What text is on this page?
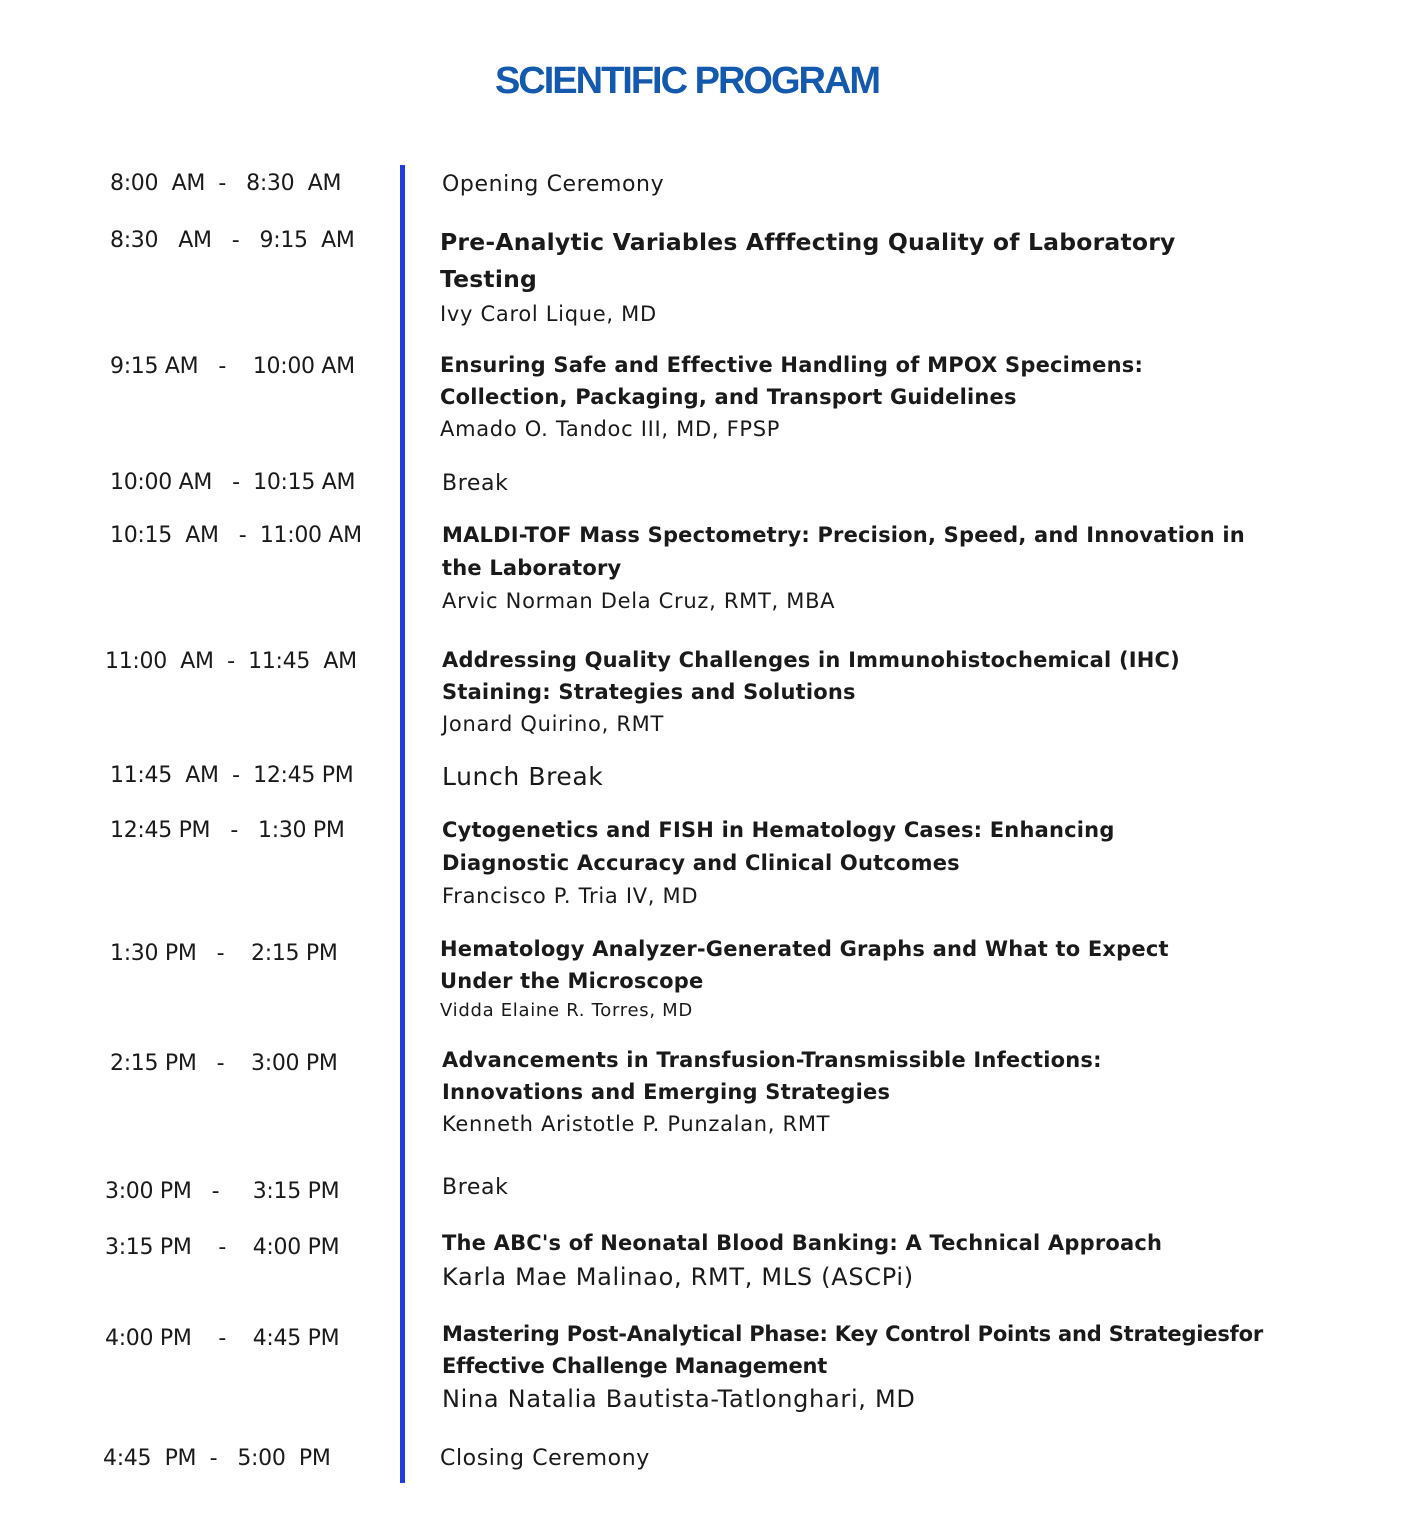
SCIENTIFIC PROGRAM
8:00  AM  -   8:30  AM	Opening Ceremony
8:30   AM   -   9:15  AM	Pre-Analytic Variables Afffecting Quality of Laboratory Testing
Ivy Carol Lique, MD
9:15 AM   -    10:00 AM	Ensuring Safe and Effective Handling of MPOX Specimens: Collection, Packaging, and Transport Guidelines
Amado O. Tandoc III, MD, FPSP
10:00 AM   -  10:15 AM	Break
10:15  AM   -  11:00 AM	MALDI-TOF Mass Spectometry: Precision, Speed, and Innovation in the Laboratory
Arvic Norman Dela Cruz, RMT, MBA
11:00  AM  -  11:45  AM	Addressing Quality Challenges in Immunohistochemical (IHC) Staining: Strategies and Solutions
Jonard Quirino, RMT
11:45  AM  -  12:45 PM	Lunch Break
12:45 PM   -   1:30 PM	Cytogenetics and FISH in Hematology Cases: Enhancing Diagnostic Accuracy and Clinical Outcomes
Francisco P. Tria IV, MD
1:30 PM   -    2:15 PM	Hematology Analyzer-Generated Graphs and What to Expect Under the Microscope
Vidda Elaine R. Torres, MD
2:15 PM   -    3:00 PM	Advancements in Transfusion-Transmissible Infections: Innovations and Emerging Strategies
Kenneth Aristotle P. Punzalan, RMT
3:00 PM   -     3:15 PM	Break
3:15 PM    -    4:00 PM	The ABC's of Neonatal Blood Banking: A Technical Approach
Karla Mae Malinao, RMT, MLS (ASCPi)
4:00 PM    -    4:45 PM	Mastering Post-Analytical Phase: Key Control Points and Strategiesfor Effective Challenge Management
Nina Natalia Bautista-Tatlonghari, MD
4:45  PM  -   5:00  PM	Closing Ceremony
